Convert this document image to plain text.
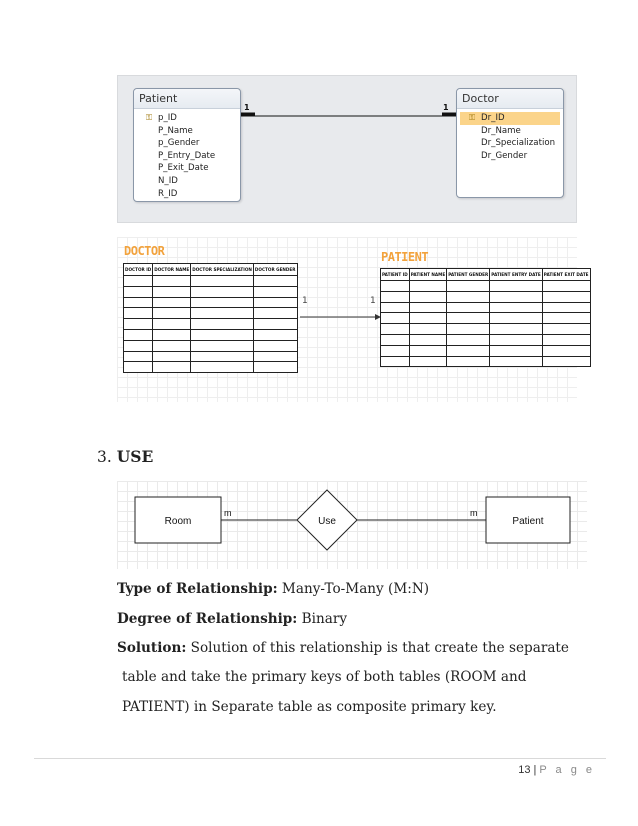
1	1
Patient
⚿ p_ID
P_Name
p_Gender
P_Entry_Date
P_Exit_Date
N_ID
R_ID
Doctor
⚿ Dr_ID
Dr_Name
Dr_Specialization
Dr_Gender
DOCTOR
DOCTOR ID	DOCTOR NAME	DOCTOR SPECIALIZATION	DOCTOR GENDER

1	1
PATIENT
PATIENT ID	PATIENT NAME	PATIENT GENDER	PATIENT ENTRY DATE	PATIENT EXIT DATE

3. USE
Room
m
Use
m
Patient
Type of Relationship: Many-To-Many (M:N)
Degree of Relationship: Binary
Solution: Solution of this relationship is that create the separate
table and take the primary keys of both tables (ROOM and
PATIENT) in Separate table as composite primary key.
13 | P a g e
